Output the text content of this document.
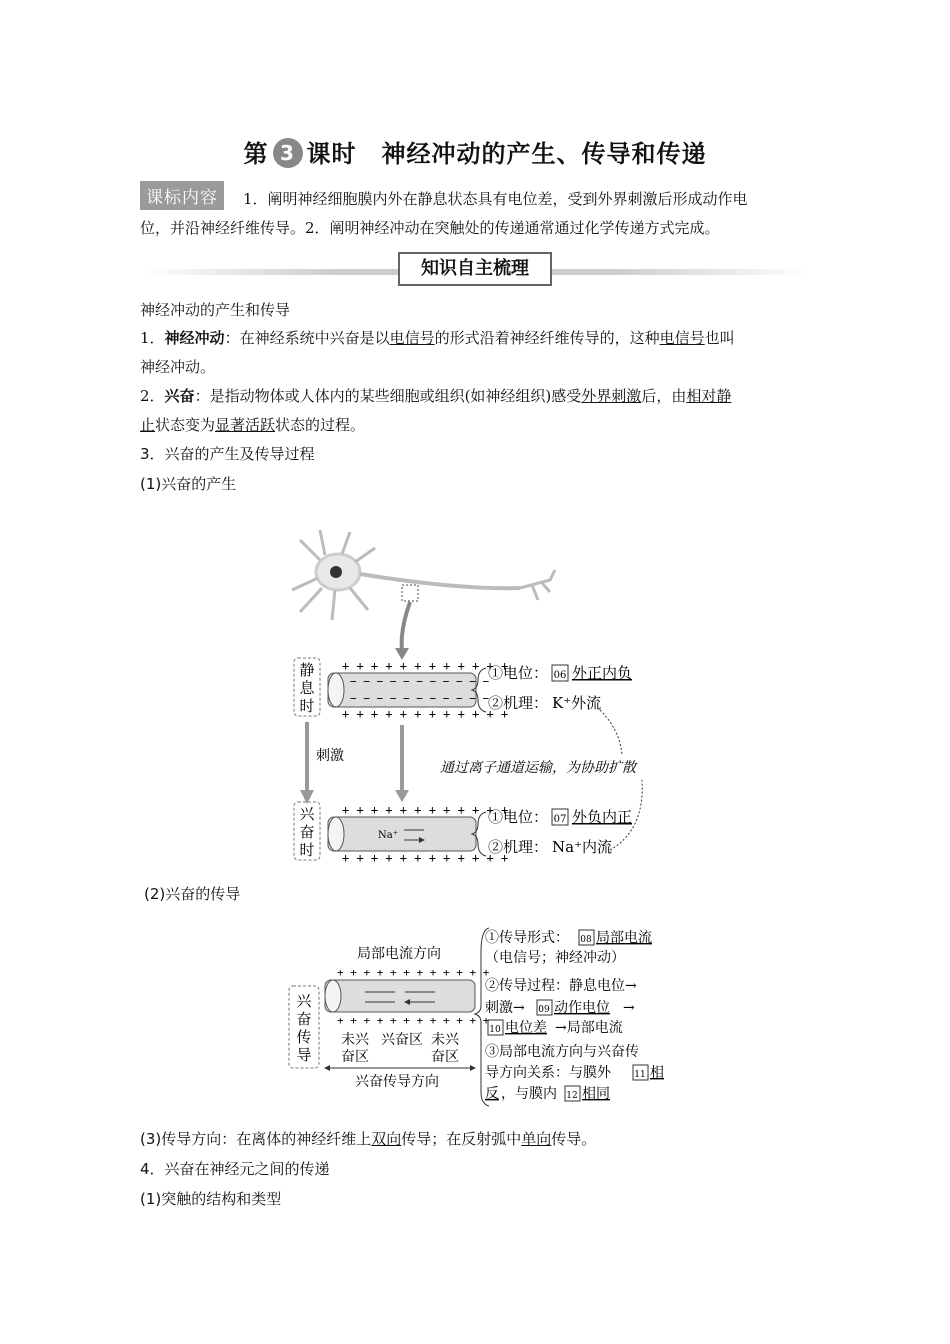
第 3 课时　神经冲动的产生、传导和传递
课标内容	1．阐明神经细胞膜内外在静息状态具有电位差，受到外界刺激后形成动作电
位，并沿神经纤维传导。2．阐明神经冲动在突触处的传递通常通过化学传递方式完成。
知识自主梳理
神经冲动的产生和传导
1．神经冲动：在神经系统中兴奋是以电信号的形式沿着神经纤维传导的，这种电信号也叫
神经冲动。
2．兴奋：是指动物体或人体内的某些细胞或组织(如神经组织)感受外界刺激后，由相对静
止状态变为显著活跃状态的过程。
3．兴奋的产生及传导过程
(1)兴奋的产生
静
息
时
+ + + + + + + + + + + +
− − − − − − − − − − −
− − − − − − − − − − −
+ + + + + + + + + + + +
①电位： 06 外正内负
②机理： K⁺外流
刺激
通过离子通道运输，为协助扩散
兴
奋
时
+ + + + + + + + + + + +
Na⁺
+ + + + + + + + + + + +
①电位： 07 外负内正
②机理： Na⁺内流
(2)兴奋的传导
兴
奋
传
导
局部电流方向
+ + + + + + + + + + + +
+ + + + + + + + + + + +
未兴
奋区
兴奋区 未兴
奋区
兴奋传导方向
①传导形式： 08 局部电流
（电信号；神经冲动）
②传导过程：静息电位→
刺激→ 09 动作电位 →
10 电位差 →局部电流
③局部电流方向与兴奋传
导方向关系：与膜外	11 相
反 ，与膜内 12 相同
(3)传导方向：在离体的神经纤维上双向传导；在反射弧中单向传导。
4．兴奋在神经元之间的传递
(1)突触的结构和类型
